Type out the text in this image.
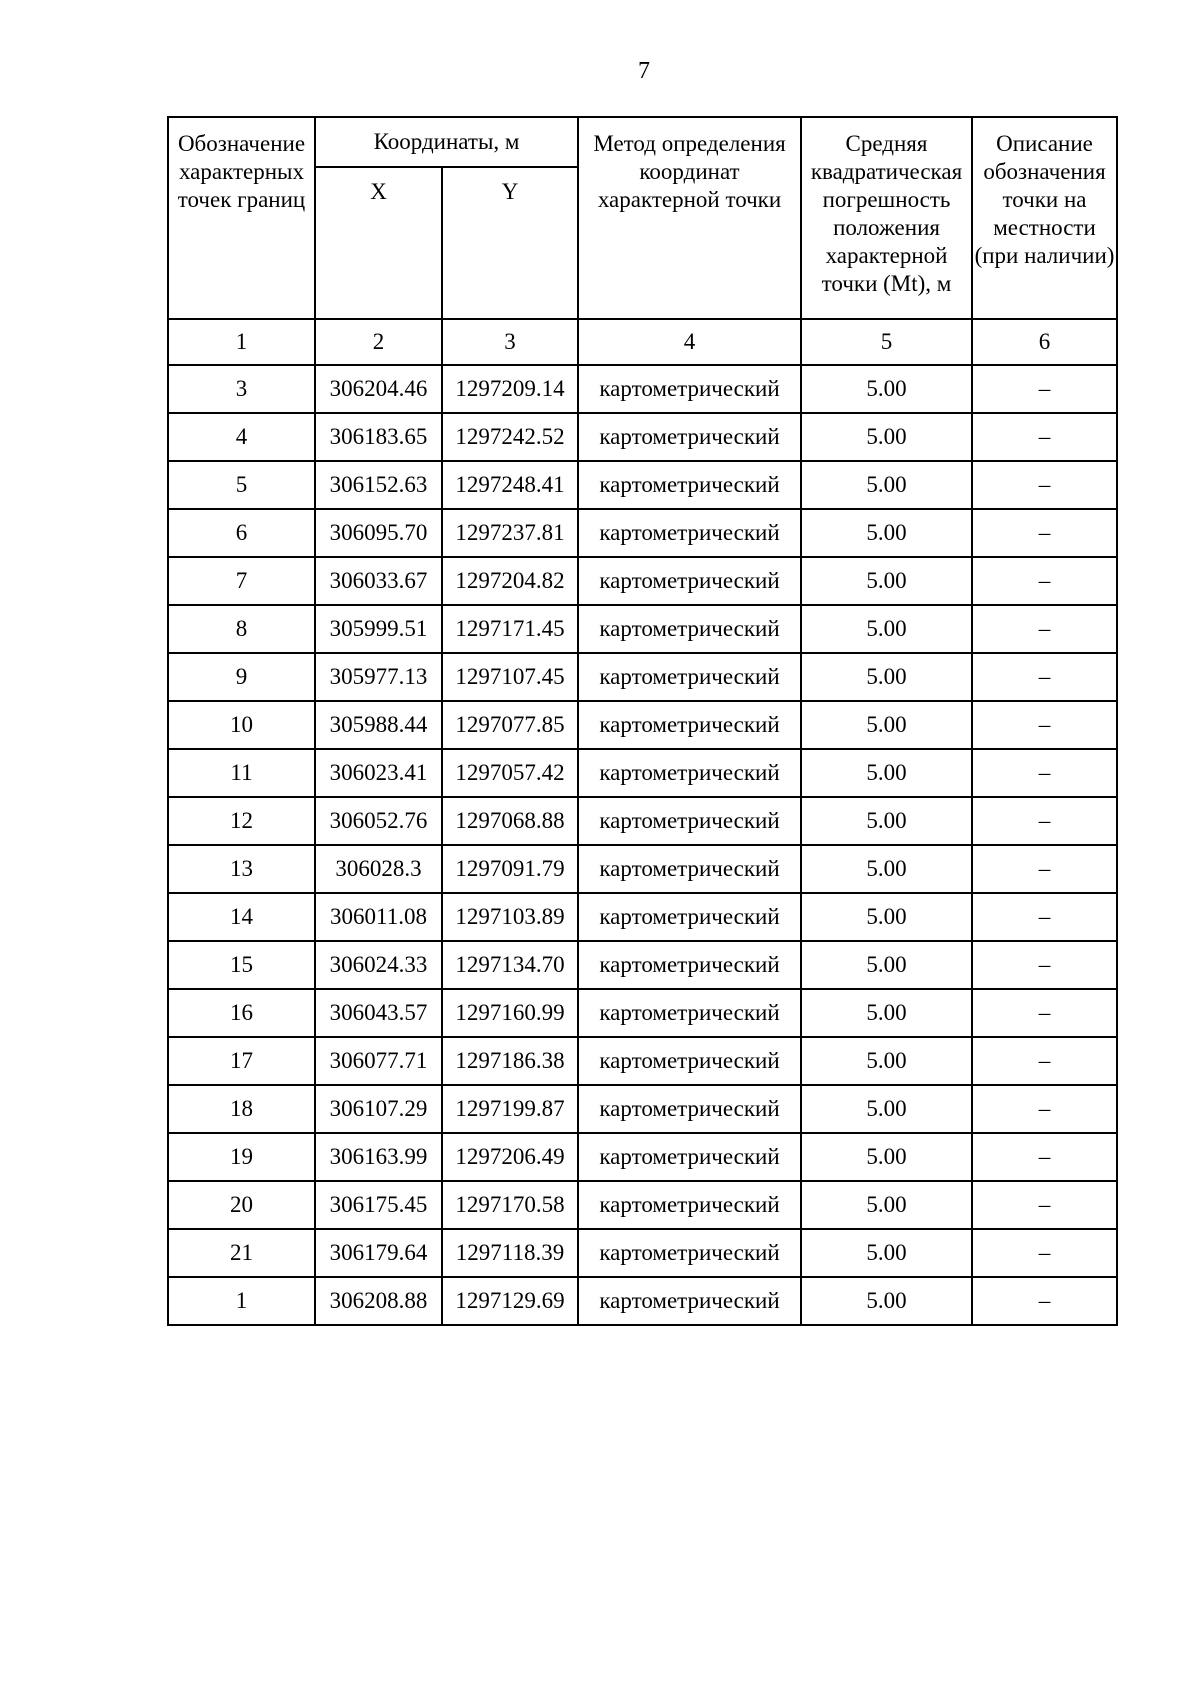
7
Обозначение характерных точек границ	Координаты, м		Метод определения координат характерной точки	Средняя квадратическая погрешность положения характерной точки (Mt), м	Описание обозначения точки на местности (при наличии)
	X	Y			
1	2	3	4	5	6
3	306204.46	1297209.14	картометрический	5.00	–
4	306183.65	1297242.52	картометрический	5.00	–
5	306152.63	1297248.41	картометрический	5.00	–
6	306095.70	1297237.81	картометрический	5.00	–
7	306033.67	1297204.82	картометрический	5.00	–
8	305999.51	1297171.45	картометрический	5.00	–
9	305977.13	1297107.45	картометрический	5.00	–
10	305988.44	1297077.85	картометрический	5.00	–
11	306023.41	1297057.42	картометрический	5.00	–
12	306052.76	1297068.88	картометрический	5.00	–
13	306028.3	1297091.79	картометрический	5.00	–
14	306011.08	1297103.89	картометрический	5.00	–
15	306024.33	1297134.70	картометрический	5.00	–
16	306043.57	1297160.99	картометрический	5.00	–
17	306077.71	1297186.38	картометрический	5.00	–
18	306107.29	1297199.87	картометрический	5.00	–
19	306163.99	1297206.49	картометрический	5.00	–
20	306175.45	1297170.58	картометрический	5.00	–
21	306179.64	1297118.39	картометрический	5.00	–
1	306208.88	1297129.69	картометрический	5.00	–
